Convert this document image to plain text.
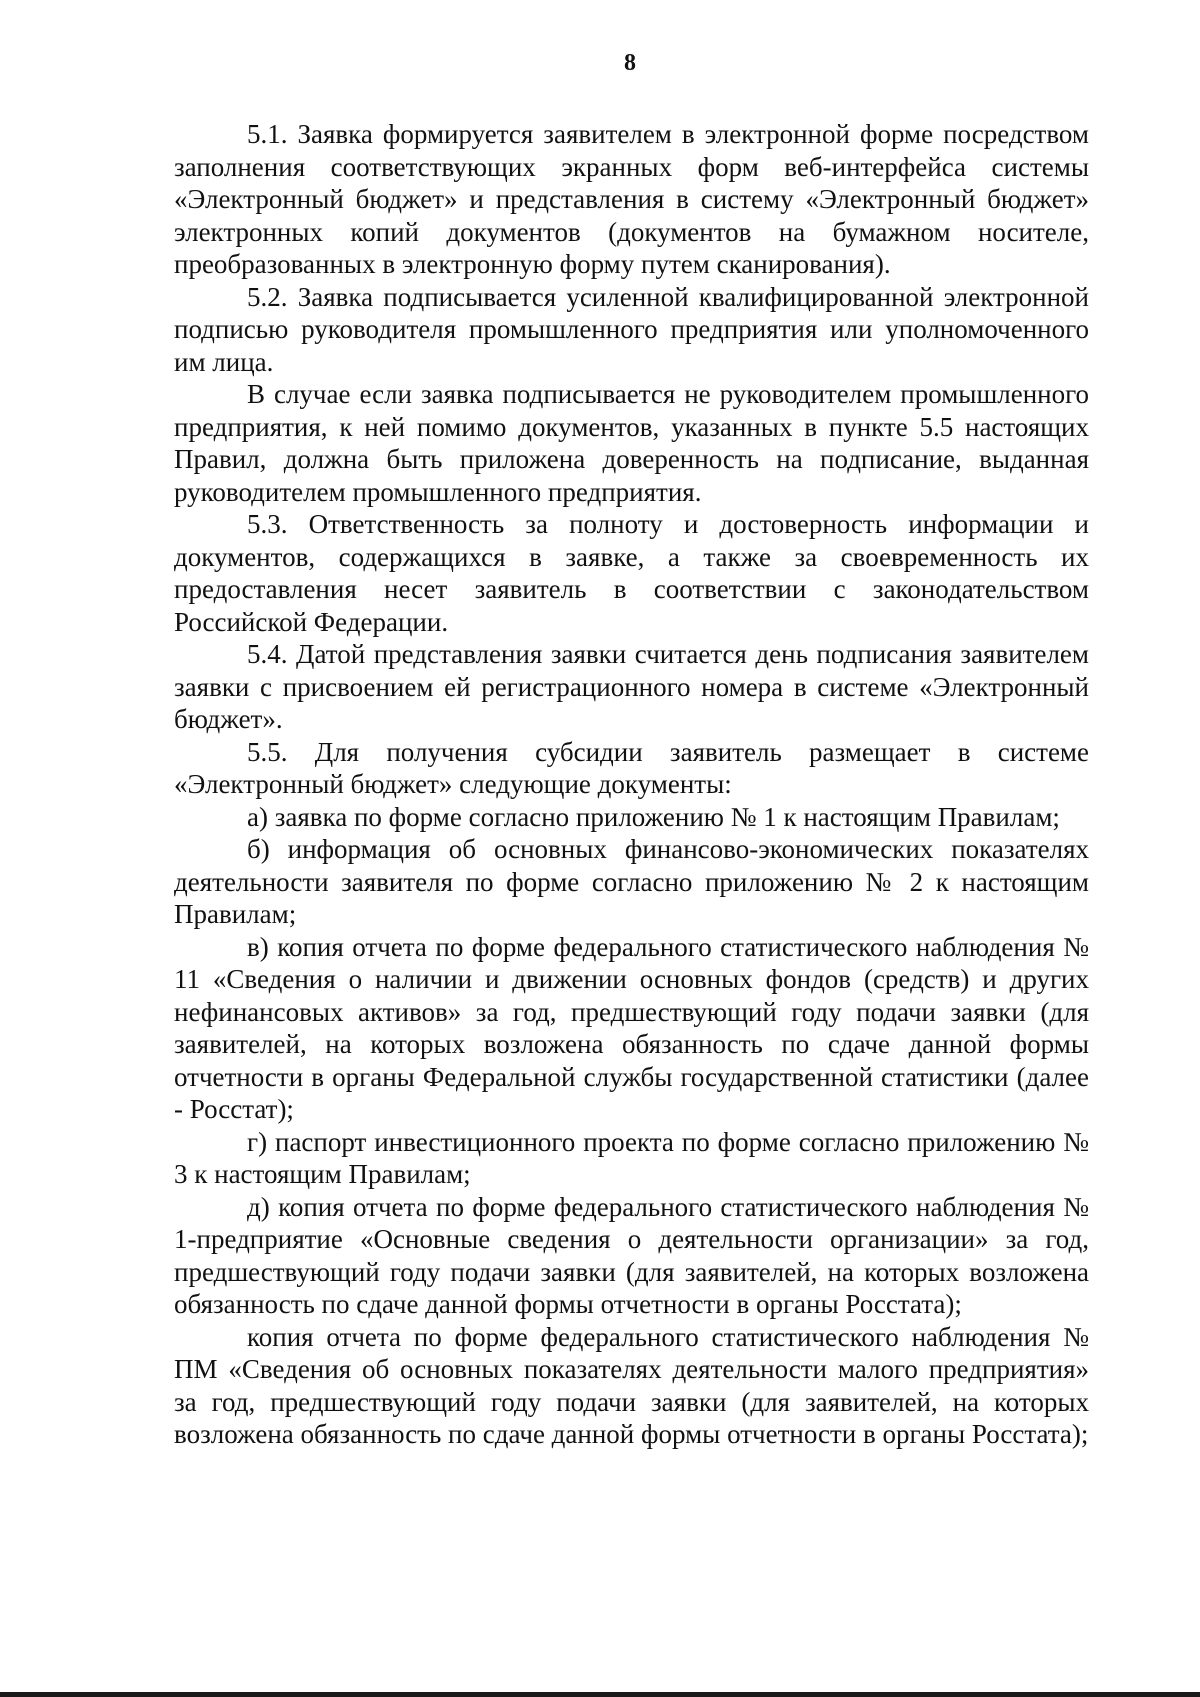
8

5.1. Заявка формируется заявителем в электронной форме посредством заполнения соответствующих экранных форм веб-интерфейса системы «Электронный бюджет» и представления в систему «Электронный бюджет» электронных копий документов (документов на бумажном носителе, преобразованных в электронную форму путем сканирования).

5.2. Заявка подписывается усиленной квалифицированной электронной подписью руководителя промышленного предприятия или уполномоченного им лица.

В случае если заявка подписывается не руководителем промышленного предприятия, к ней помимо документов, указанных в пункте 5.5 настоящих Правил, должна быть приложена доверенность на подписание, выданная руководителем промышленного предприятия.

5.3. Ответственность за полноту и достоверность информации и документов, содержащихся в заявке, а также за своевременность их предоставления несет заявитель в соответствии с законодательством Российской Федерации.

5.4. Датой представления заявки считается день подписания заявителем заявки с присвоением ей регистрационного номера в системе «Электронный бюджет».

5.5. Для получения субсидии заявитель размещает в системе «Электронный бюджет» следующие документы:

а) заявка по форме согласно приложению № 1 к настоящим Правилам;

б) информация об основных финансово-экономических показателях деятельности заявителя по форме согласно приложению № 2 к настоящим Правилам;

в) копия отчета по форме федерального статистического наблюдения № 11 «Сведения о наличии и движении основных фондов (средств) и других нефинансовых активов» за год, предшествующий году подачи заявки (для заявителей, на которых возложена обязанность по сдаче данной формы отчетности в органы Федеральной службы государственной статистики (далее - Росстат);

г) паспорт инвестиционного проекта по форме согласно приложению № 3 к настоящим Правилам;

д) копия отчета по форме федерального статистического наблюдения № 1-предприятие «Основные сведения о деятельности организации» за год, предшествующий году подачи заявки (для заявителей, на которых возложена обязанность по сдаче данной формы отчетности в органы Росстата);

копия отчета по форме федерального статистического наблюдения № ПМ «Сведения об основных показателях деятельности малого предприятия» за год, предшествующий году подачи заявки (для заявителей, на которых возложена обязанность по сдаче данной формы отчетности в органы Росстата);
